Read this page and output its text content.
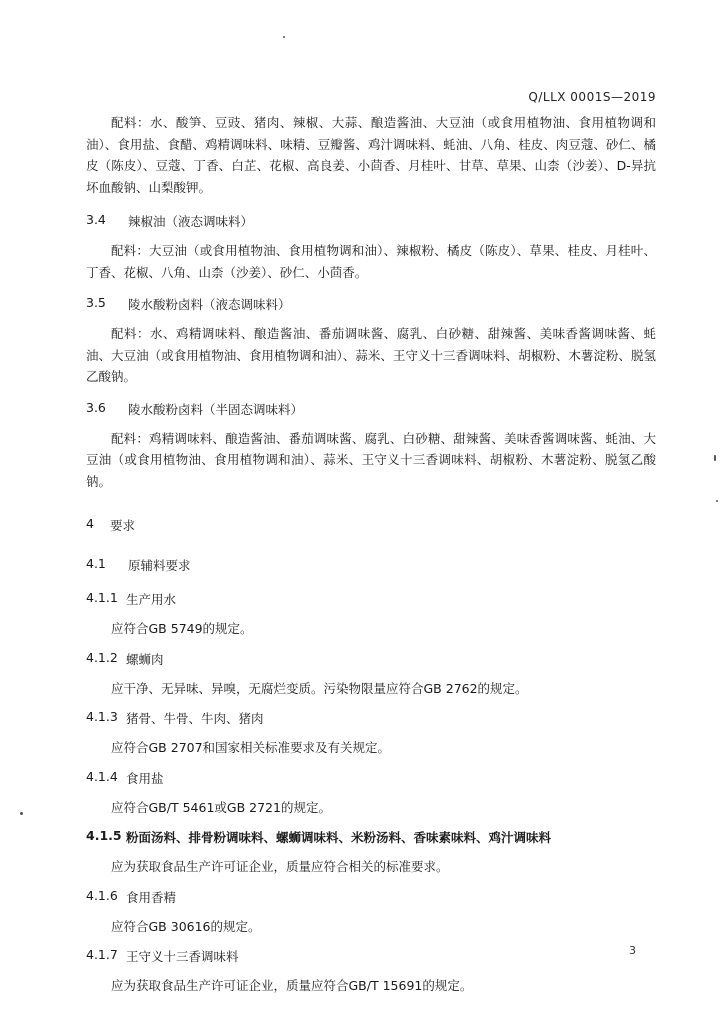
Q/LLX 0001S—2019

配料：水、酸笋、豆豉、猪肉、辣椒、大蒜、酿造酱油、大豆油（或食用植物油、食用植物调和油）、食用盐、食醋、鸡精调味料、味精、豆瓣酱、鸡汁调味料、蚝油、八角、桂皮、肉豆蔻、砂仁、橘皮（陈皮）、豆蔻、丁香、白芷、花椒、高良姜、小茴香、月桂叶、甘草、草果、山柰（沙姜）、D-异抗坏血酸钠、山梨酸钾。

3.4	辣椒油（液态调味料）

配料：大豆油（或食用植物油、食用植物调和油）、辣椒粉、橘皮（陈皮）、草果、桂皮、月桂叶、丁香、花椒、八角、山柰（沙姜）、砂仁、小茴香。

3.5	陵水酸粉卤料（液态调味料）

配料：水、鸡精调味料、酿造酱油、番茄调味酱、腐乳、白砂糖、甜辣酱、美味香酱调味酱、蚝油、大豆油（或食用植物油、食用植物调和油）、蒜米、王守义十三香调味料、胡椒粉、木薯淀粉、脱氢乙酸钠。

3.6	陵水酸粉卤料（半固态调味料）

配料：鸡精调味料、酿造酱油、番茄调味酱、腐乳、白砂糖、甜辣酱、美味香酱调味酱、蚝油、大豆油（或食用植物油、食用植物调和油）、蒜米、王守义十三香调味料、胡椒粉、木薯淀粉、脱氢乙酸钠。

4	要求
4.1	原辅料要求
4.1.1 生产用水

应符合GB 5749的规定。

4.1.2 螺蛳肉

应干净、无异味、异嗅，无腐烂变质。污染物限量应符合GB 2762的规定。

4.1.3 猪骨、牛骨、牛肉、猪肉

应符合GB 2707和国家相关标准要求及有关规定。

4.1.4 食用盐

应符合GB/T 5461或GB 2721的规定。

4.1.5 粉面汤料、排骨粉调味料、螺蛳调味料、米粉汤料、香味素味料、鸡汁调味料

应为获取食品生产许可证企业，质量应符合相关的标准要求。

4.1.6 食用香精

应符合GB 30616的规定。

4.1.7 王守义十三香调味料

应为获取食品生产许可证企业，质量应符合GB/T 15691的规定。

3
